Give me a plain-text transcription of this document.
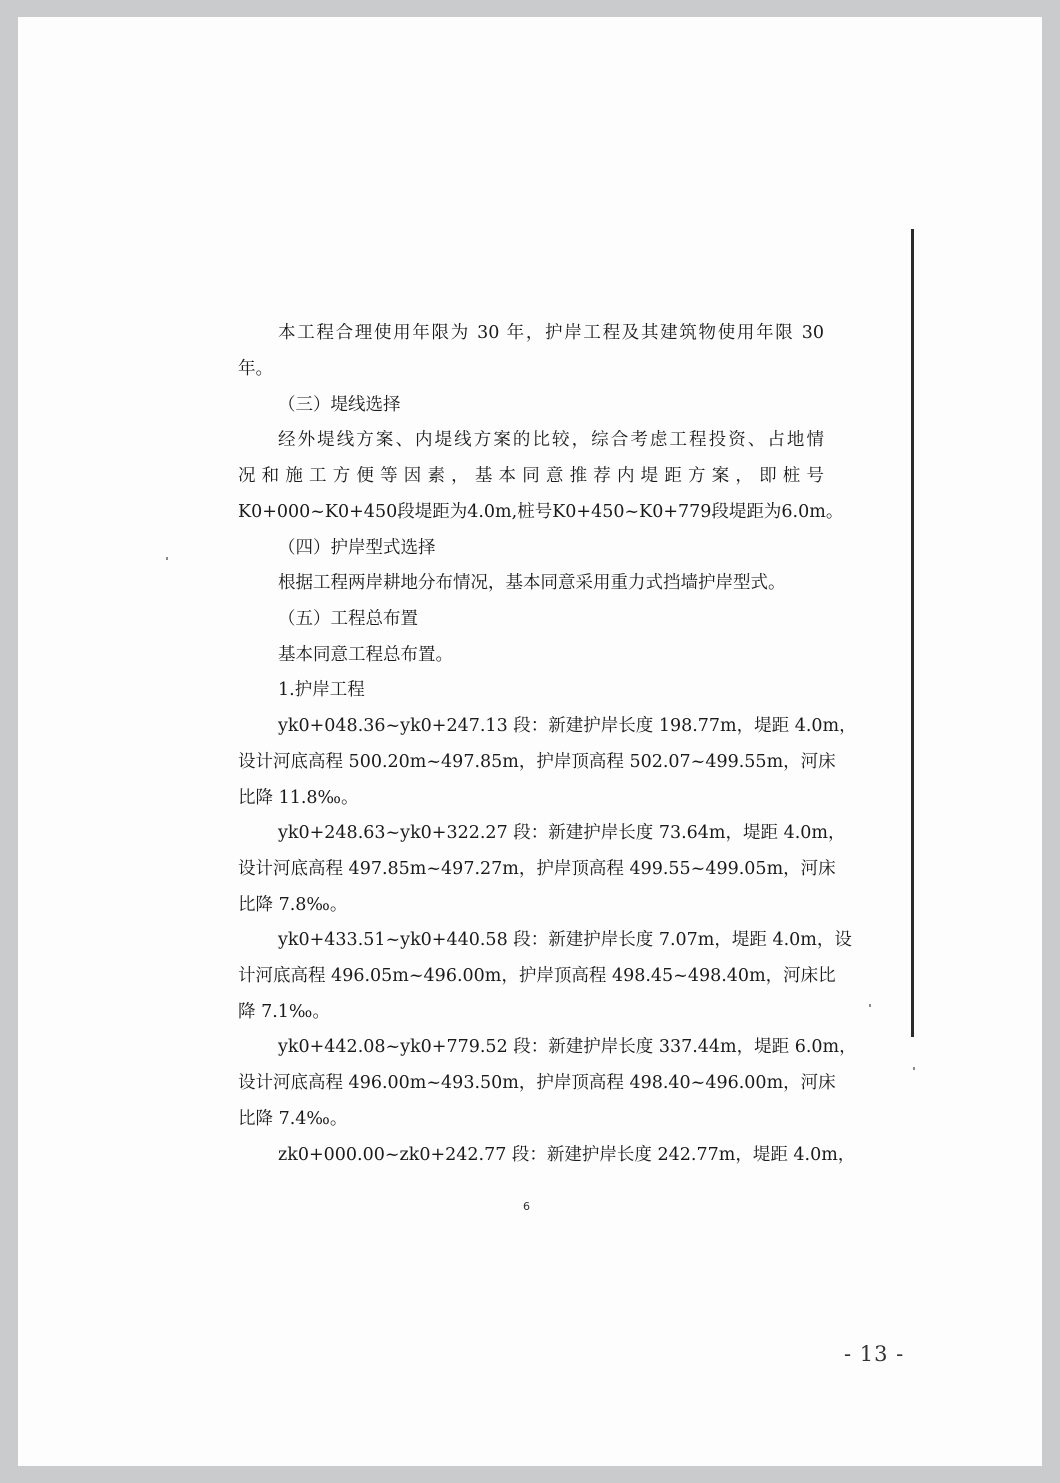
本工程合理使用年限为 30 年，护岸工程及其建筑物使用年限 30
年。
（三）堤线选择
经外堤线方案、内堤线方案的比较，综合考虑工程投资、占地情
况和施工方便等因素，基本同意推荐内堤距方案，即桩号
K0+000~K0+450段堤距为4.0m,桩号K0+450~K0+779段堤距为6.0m。
（四）护岸型式选择
根据工程两岸耕地分布情况，基本同意采用重力式挡墙护岸型式。
（五）工程总布置
基本同意工程总布置。
1.护岸工程
yk0+048.36~yk0+247.13 段：新建护岸长度 198.77m，堤距 4.0m，
设计河底高程 500.20m~497.85m，护岸顶高程 502.07~499.55m，河床
比降 11.8‰。
yk0+248.63~yk0+322.27 段：新建护岸长度 73.64m，堤距 4.0m，
设计河底高程 497.85m~497.27m，护岸顶高程 499.55~499.05m，河床
比降 7.8‰。
yk0+433.51~yk0+440.58 段：新建护岸长度 7.07m，堤距 4.0m，设
计河底高程 496.05m~496.00m，护岸顶高程 498.45~498.40m，河床比
降 7.1‰。
yk0+442.08~yk0+779.52 段：新建护岸长度 337.44m，堤距 6.0m，
设计河底高程 496.00m~493.50m，护岸顶高程 498.40~496.00m，河床
比降 7.4‰。
zk0+000.00~zk0+242.77 段：新建护岸长度 242.77m，堤距 4.0m，
6
- 13 -
